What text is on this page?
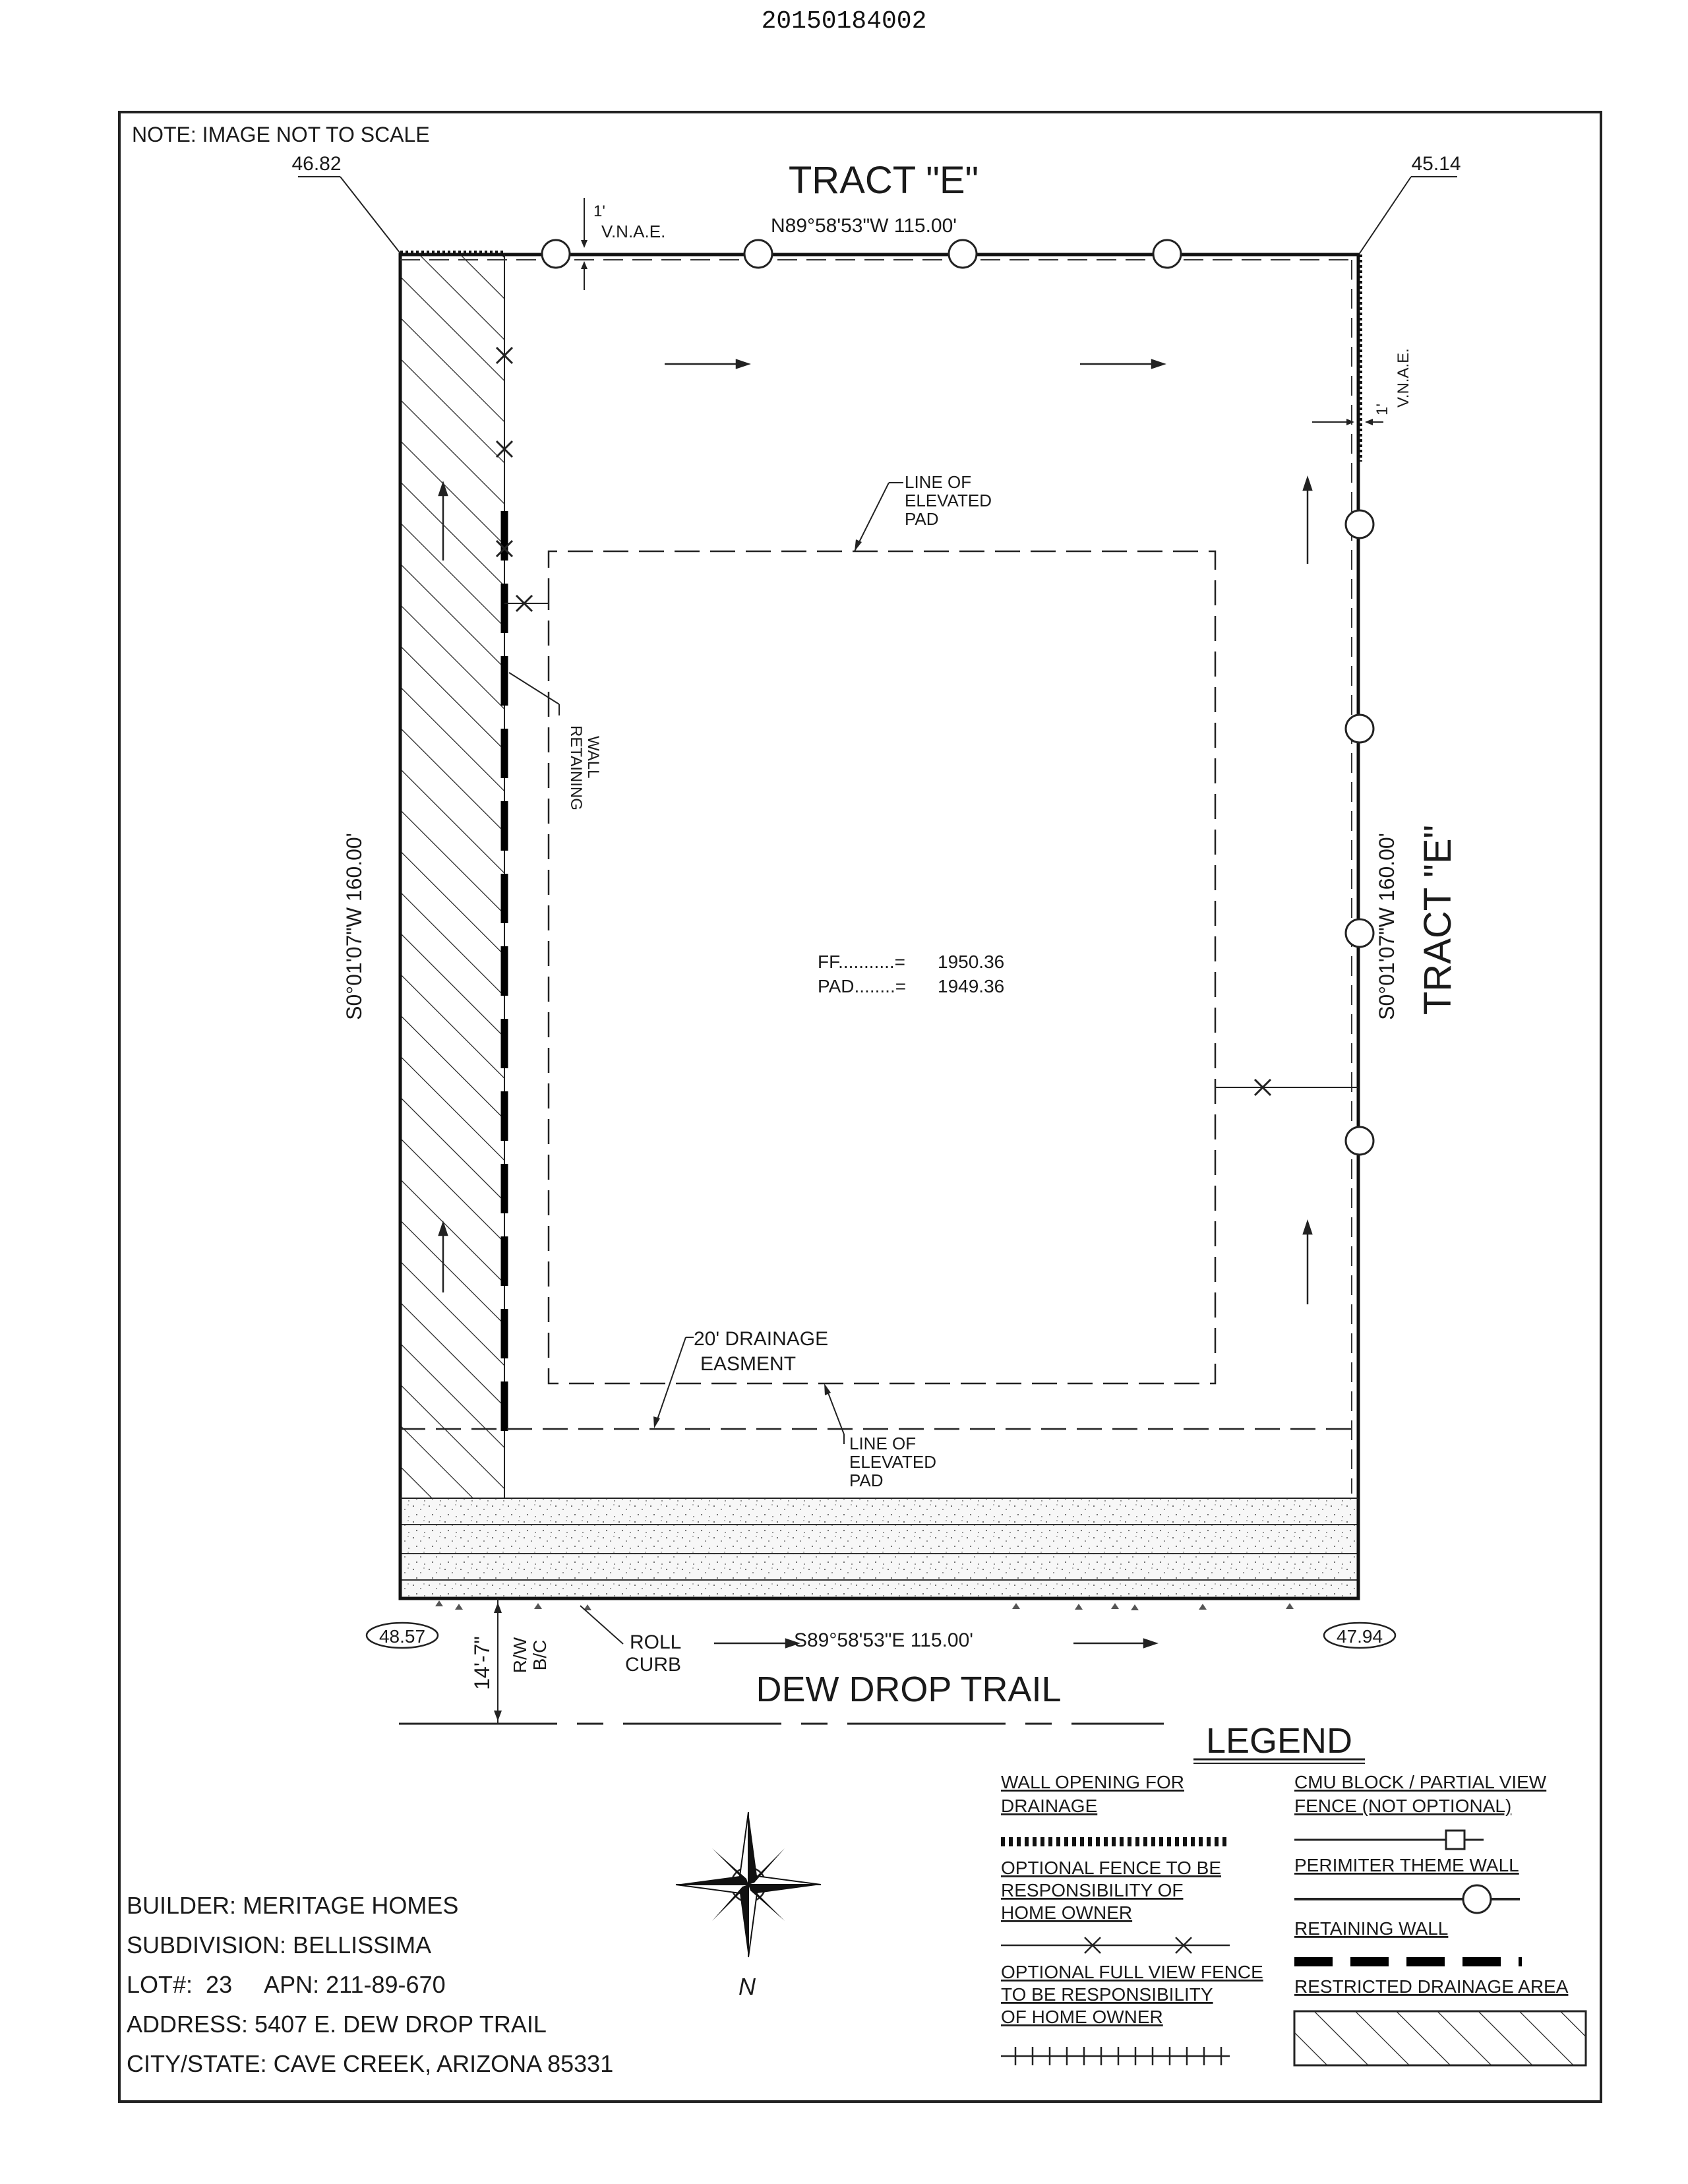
20150184002
NOTE: IMAGE NOT TO SCALE
TRACT "E"
N89°58'53"W 115.00'
46.82	45.14
1'
V.N.A.E.
1'
V.N.A.E.
S0°01'07"W 160.00'	S0°01'07"W 160.00' TRACT "E"
LINE OF
ELEVATED
PAD
RETAINING WALL
FF...........= 1950.36
PAD........= 1949.36
20' DRAINAGE
EASMENT
LINE OF
ELEVATED
PAD
ROLL
CURB
S89°58'53"E 115.00'
48.57	47.94
14'-7" R/W B/C
DEW DROP TRAIL
LEGEND
WALL OPENING FOR
DRAINAGE
OPTIONAL FENCE TO BE
RESPONSIBILITY OF
HOME OWNER
OPTIONAL FULL VIEW FENCE
TO BE RESPONSIBILITY
OF HOME OWNER
CMU BLOCK / PARTIAL VIEW
FENCE (NOT OPTIONAL)
PERIMITER THEME WALL
RETAINING WALL
RESTRICTED DRAINAGE AREA
N
BUILDER: MERITAGE HOMES
SUBDIVISION: BELLISSIMA
LOT#:  23     APN: 211-89-670
ADDRESS: 5407 E. DEW DROP TRAIL
CITY/STATE: CAVE CREEK, ARIZONA 85331
